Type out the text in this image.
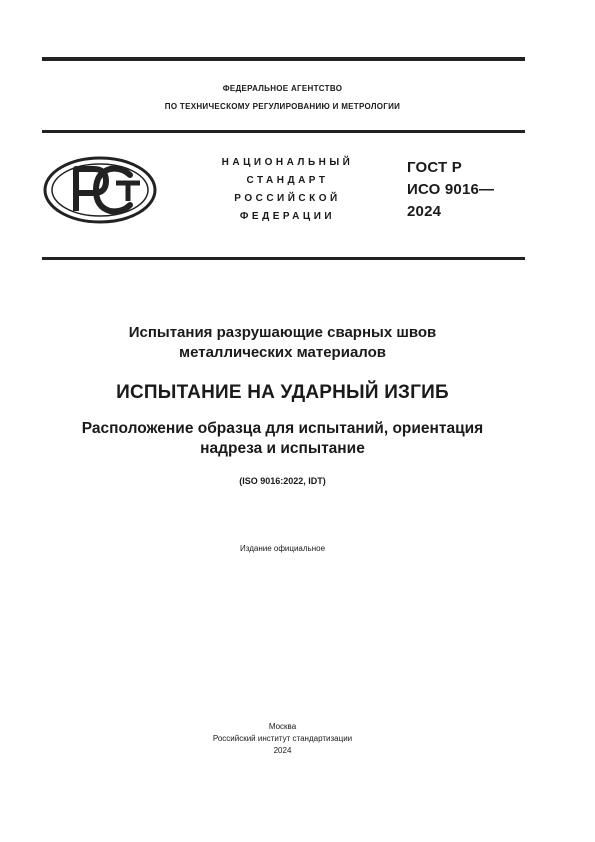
ФЕДЕРАЛЬНОЕ АГЕНТСТВО
ПО ТЕХНИЧЕСКОМУ РЕГУЛИРОВАНИЮ И МЕТРОЛОГИИ
НАЦИОНАЛЬНЫЙ
СТАНДАРТ
РОССИЙСКОЙ
ФЕДЕРАЦИИ
ГОСТ Р
ИСО 9016—
2024
Испытания разрушающие сварных швов
металлических материалов
ИСПЫТАНИЕ НА УДАРНЫЙ ИЗГИБ
Расположение образца для испытаний, ориентация
надреза и испытание
(ISO 9016:2022, IDT)
Издание официальное
Москва
Российский институт стандартизации
2024
